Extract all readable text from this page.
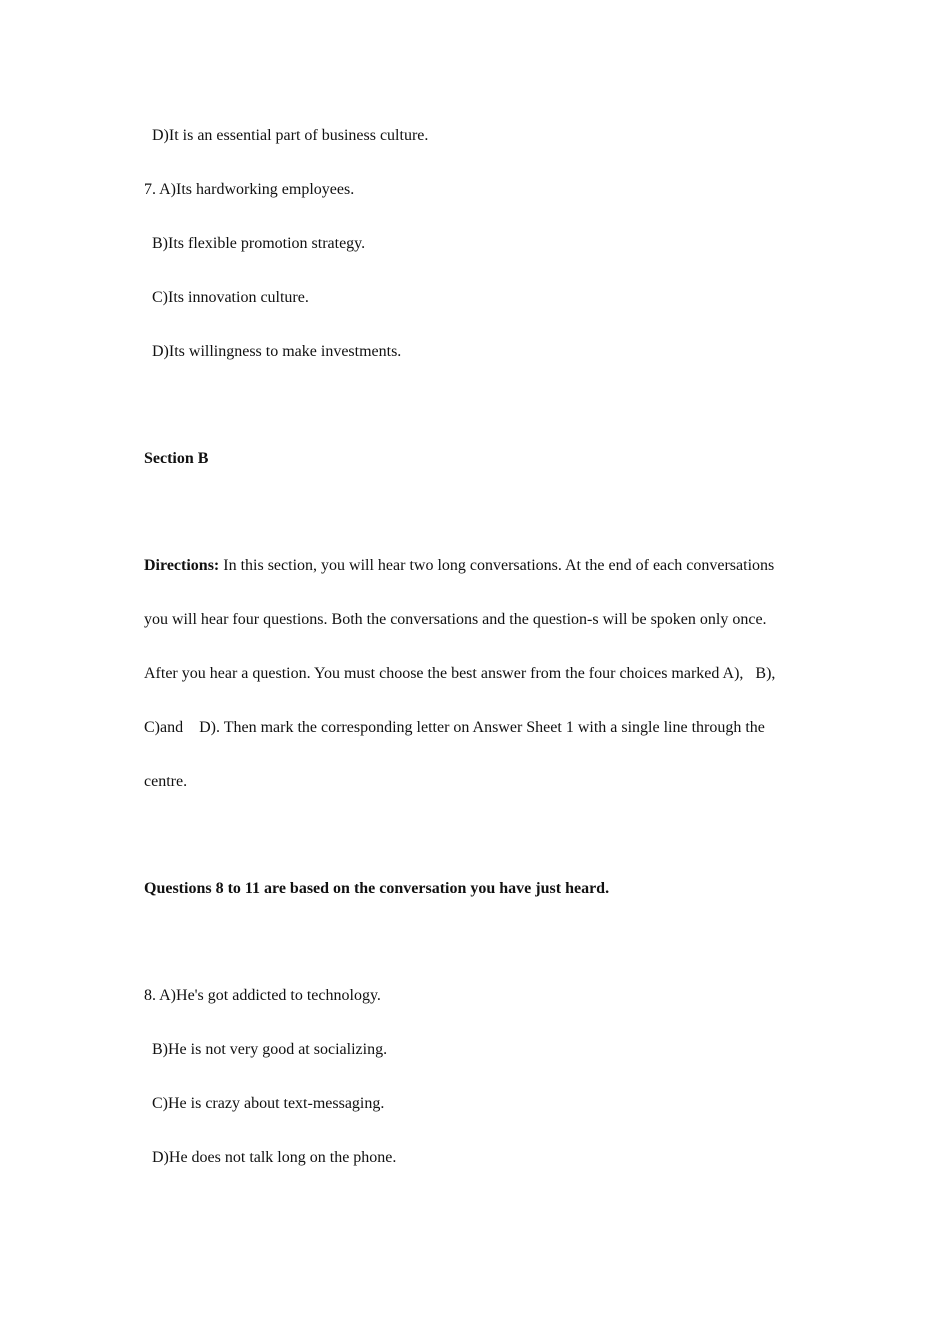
D)It is an essential part of business culture.
7. A)Its hardworking employees.
B)Its flexible promotion strategy.
C)Its innovation culture.
D)Its willingness to make investments.
Section B
Directions: In this section, you will hear two long conversations. At the end of each conversations
you will hear four questions. Both the conversations and the question-s will be spoken only once.
After you hear a question. You must choose the best answer from the four choices marked A),   B),
C)and    D). Then mark the corresponding letter on Answer Sheet 1 with a single line through the
centre.
Questions 8 to 11 are based on the conversation you have just heard.
8. A)He's got addicted to technology.
B)He is not very good at socializing.
C)He is crazy about text-messaging.
D)He does not talk long on the phone.
